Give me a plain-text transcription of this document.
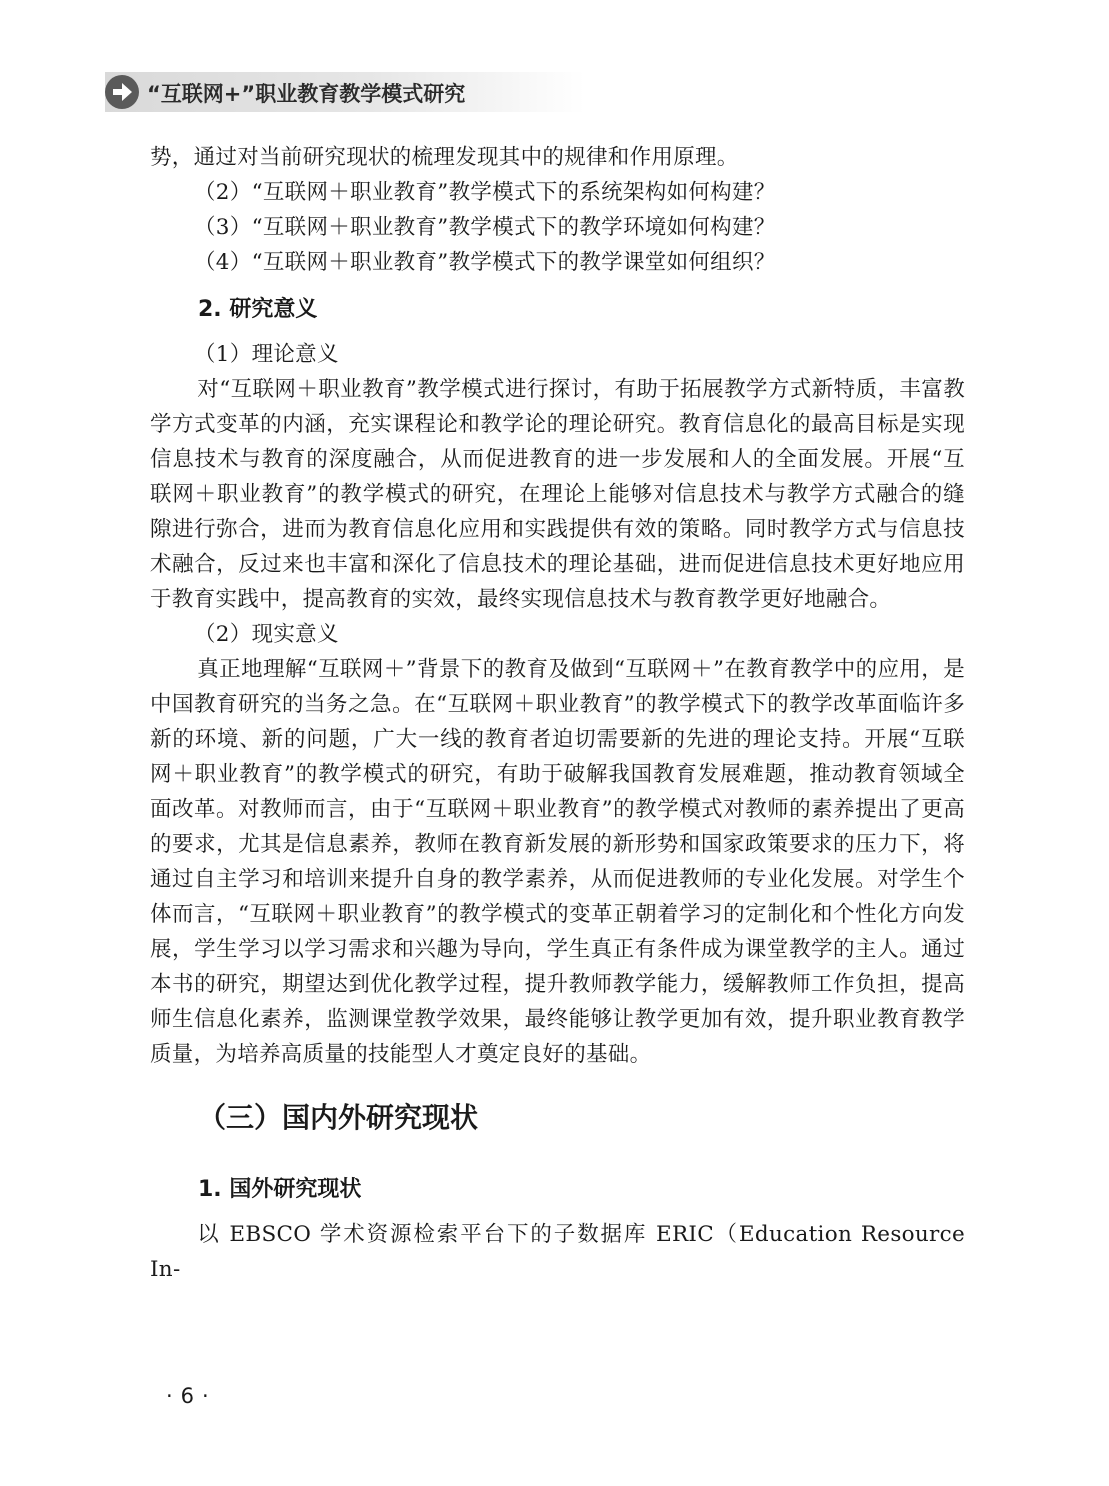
“互联网+”职业教育教学模式研究

势，通过对当前研究现状的梳理发现其中的规律和作用原理。

（2）“互联网＋职业教育”教学模式下的系统架构如何构建？

（3）“互联网＋职业教育”教学模式下的教学环境如何构建？

（4）“互联网＋职业教育”教学模式下的教学课堂如何组织？

2. 研究意义

（1）理论意义

对“互联网＋职业教育”教学模式进行探讨，有助于拓展教学方式新特质，丰富教学方式变革的内涵，充实课程论和教学论的理论研究。教育信息化的最高目标是实现信息技术与教育的深度融合，从而促进教育的进一步发展和人的全面发展。开展“互联网＋职业教育”的教学模式的研究，在理论上能够对信息技术与教学方式融合的缝隙进行弥合，进而为教育信息化应用和实践提供有效的策略。同时教学方式与信息技术融合，反过来也丰富和深化了信息技术的理论基础，进而促进信息技术更好地应用于教育实践中，提高教育的实效，最终实现信息技术与教育教学更好地融合。

（2）现实意义

真正地理解“互联网＋”背景下的教育及做到“互联网＋”在教育教学中的应用，是中国教育研究的当务之急。在“互联网＋职业教育”的教学模式下的教学改革面临许多新的环境、新的问题，广大一线的教育者迫切需要新的先进的理论支持。开展“互联网＋职业教育”的教学模式的研究，有助于破解我国教育发展难题，推动教育领域全面改革。对教师而言，由于“互联网＋职业教育”的教学模式对教师的素养提出了更高的要求，尤其是信息素养，教师在教育新发展的新形势和国家政策要求的压力下，将通过自主学习和培训来提升自身的教学素养，从而促进教师的专业化发展。对学生个体而言，“互联网＋职业教育”的教学模式的变革正朝着学习的定制化和个性化方向发展，学生学习以学习需求和兴趣为导向，学生真正有条件成为课堂教学的主人。通过本书的研究，期望达到优化教学过程，提升教师教学能力，缓解教师工作负担，提高师生信息化素养，监测课堂教学效果，最终能够让教学更加有效，提升职业教育教学质量，为培养高质量的技能型人才奠定良好的基础。

（三）国内外研究现状
1. 国外研究现状

以 EBSCO 学术资源检索平台下的子数据库 ERIC（Education Resource In-

·6·
